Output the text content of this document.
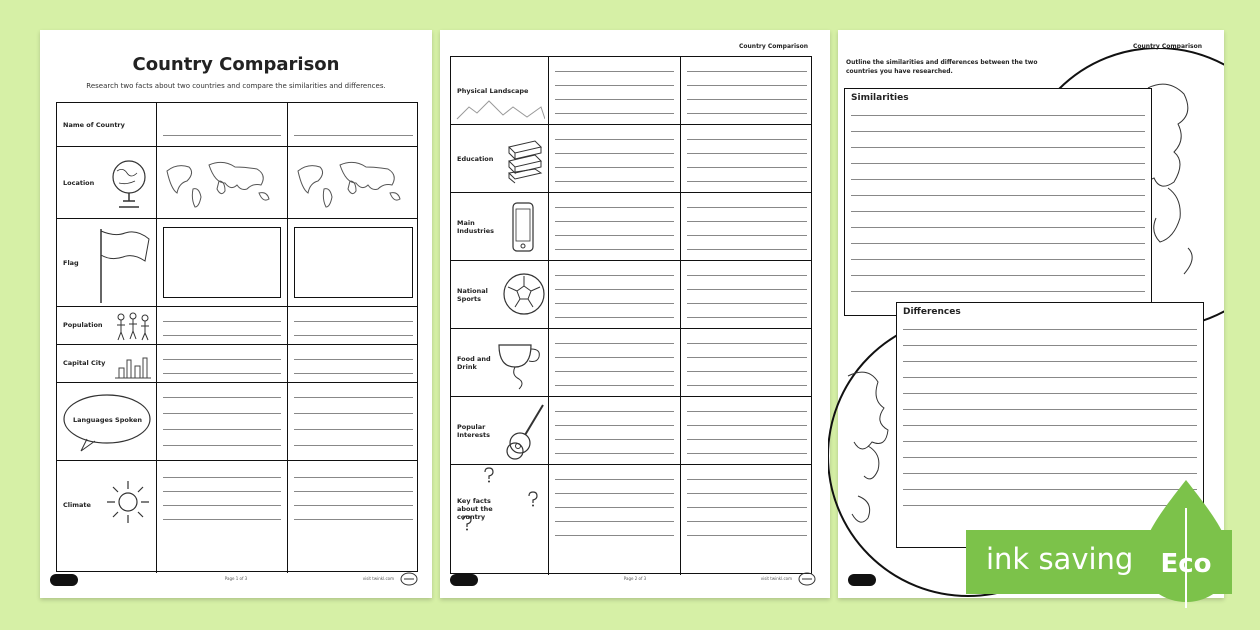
Country Comparison
Research two facts about two countries and compare the similarities and differences.
Name of Country
Location
Flag
Population
Capital City
Languages Spoken
Climate
Page 1 of 3	visit twinkl.com
Country Comparison
Physical Landscape
Education
Main Industries
National Sports
Food and Drink
Popular Interests
Key facts about the country
Page 2 of 3	visit twinkl.com
Country Comparison
Outline the similarities and differences between the two countries you have researched.
Similarities
Differences
ink saving Eco
